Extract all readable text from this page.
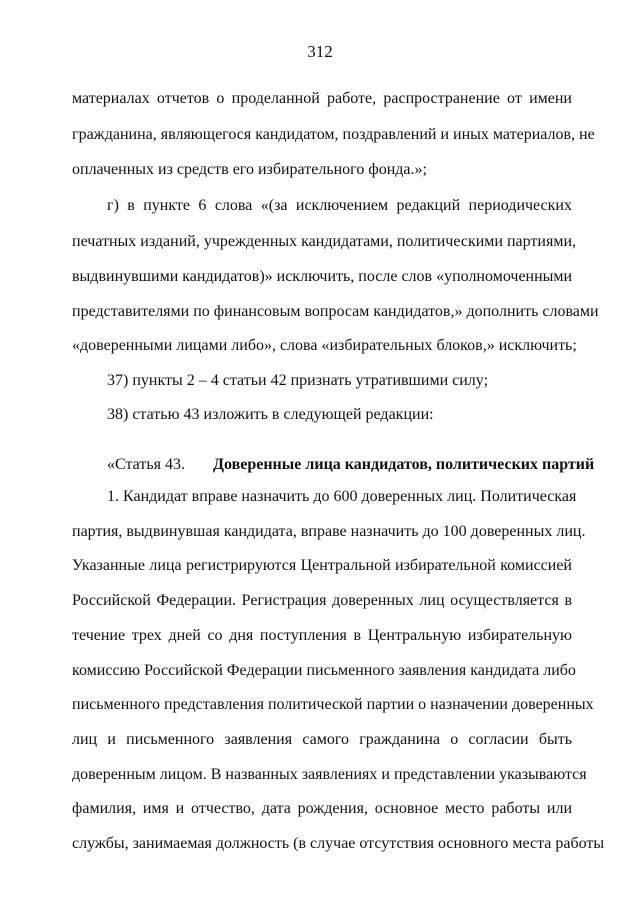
312
материалах отчетов о проделанной работе, распространение от имени
гражданина, являющегося кандидатом, поздравлений и иных материалов, не
оплаченных из средств его избирательного фонда.»;
г) в пункте 6 слова «(за исключением редакций периодических
печатных изданий, учрежденных кандидатами, политическими партиями,
выдвинувшими кандидатов)» исключить, после слов «уполномоченными
представителями по финансовым вопросам кандидатов,» дополнить словами
«доверенными лицами либо», слова «избирательных блоков,» исключить;
37) пункты 2 – 4 статьи 42 признать утратившими силу;
38) статью 43 изложить в следующей редакции:
«Статья 43. Доверенные лица кандидатов, политических партий
1. Кандидат вправе назначить до 600 доверенных лиц. Политическая
партия, выдвинувшая кандидата, вправе назначить до 100 доверенных лиц.
Указанные лица регистрируются Центральной избирательной комиссией
Российской Федерации. Регистрация доверенных лиц осуществляется в
течение трех дней со дня поступления в Центральную избирательную
комиссию Российской Федерации письменного заявления кандидата либо
письменного представления политической партии о назначении доверенных
лиц и письменного заявления самого гражданина о согласии быть
доверенным лицом. В названных заявлениях и представлении указываются
фамилия, имя и отчество, дата рождения, основное место работы или
службы, занимаемая должность (в случае отсутствия основного места работы
